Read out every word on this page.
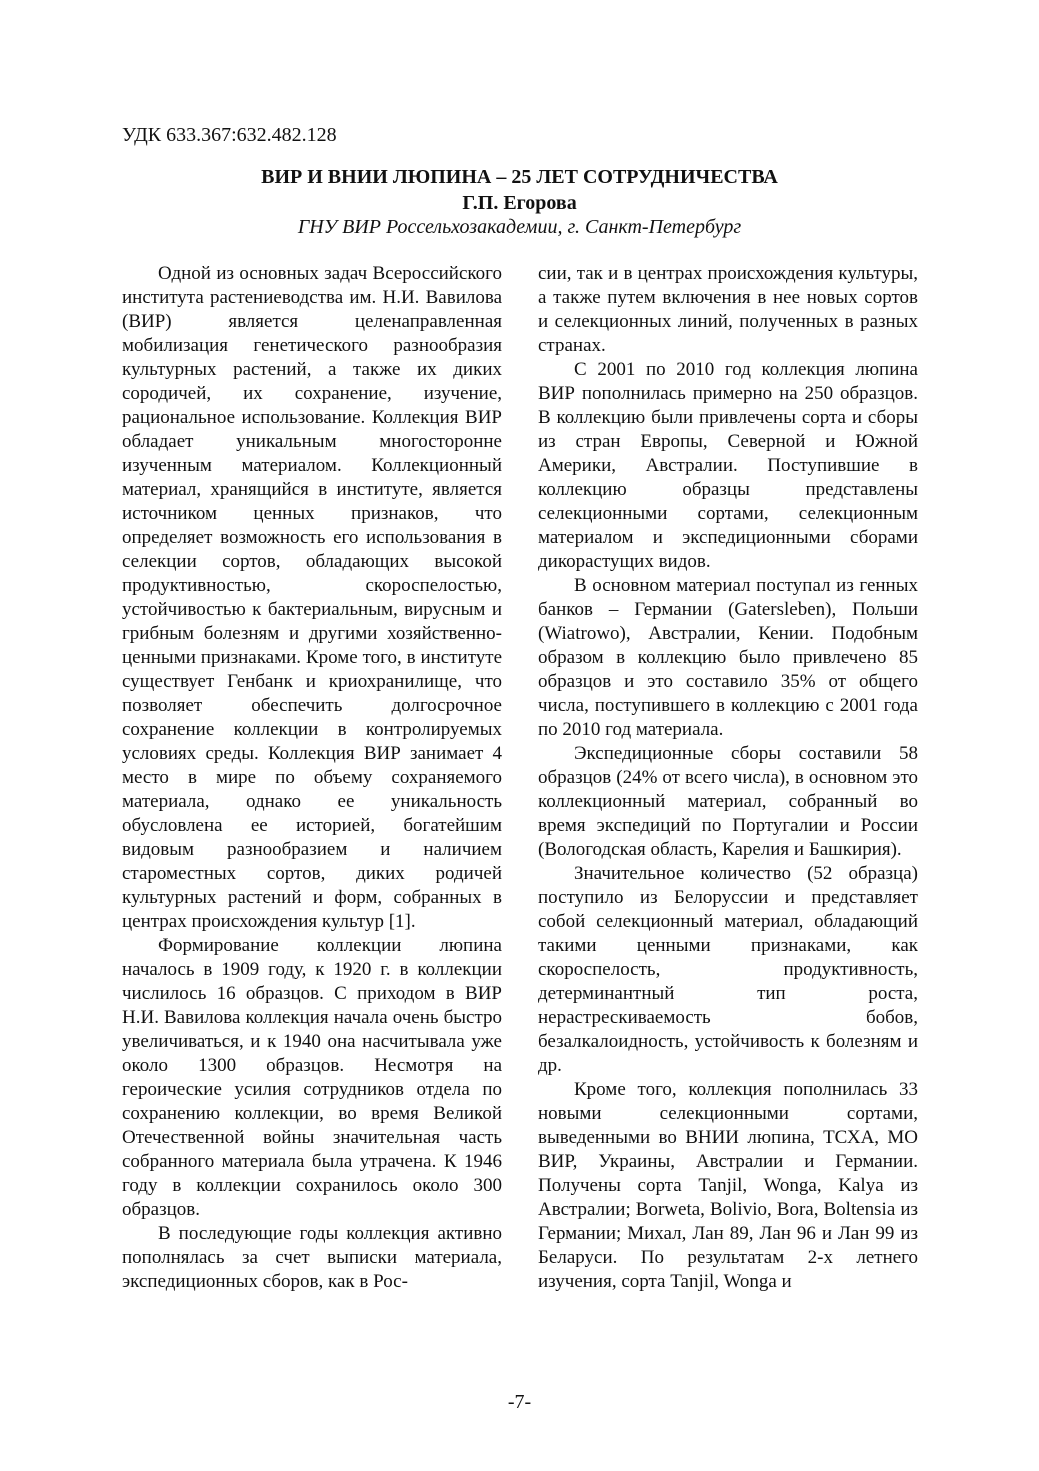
УДК 633.367:632.482.128
ВИР И ВНИИ ЛЮПИНА – 25 ЛЕТ СОТРУДНИЧЕСТВА
Г.П. Егорова
ГНУ ВИР Россельхозакадемии, г. Санкт-Петербург

Одной из основных задач Всероссийского института растениеводства им. Н.И. Вавилова (ВИР) является целенаправленная мобилизация генетического разнообразия культурных растений, а также их диких сородичей, их сохранение, изучение, рациональное использование. Коллекция ВИР обладает уникальным многосторонне изученным материалом. Коллекционный материал, хранящийся в институте, является источником ценных признаков, что определяет возможность его использования в селекции сортов, обладающих высокой продуктивностью, скороспелостью, устойчивостью к бактериальным, вирусным и грибным болезням и другими хозяйственно-ценными признаками. Кроме того, в институте существует Генбанк и криохранилище, что позволяет обеспечить долгосрочное сохранение коллекции в контролируемых условиях среды. Коллекция ВИР занимает 4 место в мире по объему сохраняемого материала, однако ее уникальность обусловлена ее историей, богатейшим видовым разнообразием и наличием староместных сортов, диких родичей культурных растений и форм, собранных в центрах происхождения культур [1].

Формирование коллекции люпина началось в 1909 году, к 1920 г. в коллекции числилось 16 образцов. С приходом в ВИР Н.И. Вавилова коллекция начала очень быстро увеличиваться, и к 1940 она насчитывала уже около 1300 образцов. Несмотря на героические усилия сотрудников отдела по сохранению коллекции, во время Великой Отечественной войны значительная часть собранного материала была утрачена. К 1946 году в коллекции сохранилось около 300 образцов.

В последующие годы коллекция активно пополнялась за счет выписки материала, экспедиционных сборов, как в Рос-

сии, так и в центрах происхождения культуры, а также путем включения в нее новых сортов и селекционных линий, полученных в разных странах.

С 2001 по 2010 год коллекция люпина ВИР пополнилась примерно на 250 образцов. В коллекцию были привлечены сорта и сборы из стран Европы, Северной и Южной Америки, Австралии. Поступившие в коллекцию образцы представлены селекционными сортами, селекционным материалом и экспедиционными сборами дикорастущих видов.

В основном материал поступал из генных банков – Германии (Gatersleben), Польши (Wiatrowo), Австралии, Кении. Подобным образом в коллекцию было привлечено 85 образцов и это составило 35% от общего числа, поступившего в коллекцию с 2001 года по 2010 год материала.

Экспедиционные сборы составили 58 образцов (24% от всего числа), в основном это коллекционный материал, собранный во время экспедиций по Португалии и России (Вологодская область, Карелия и Башкирия).

Значительное количество (52 образца) поступило из Белоруссии и представляет собой селекционный материал, обладающий такими ценными признаками, как скороспелость, продуктивность, детерминантный тип роста, нерастрескиваемость бобов, безалкалоидность, устойчивость к болезням и др.

Кроме того, коллекция пополнилась 33 новыми селекционными сортами, выведенными во ВНИИ люпина, ТСХА, МО ВИР, Украины, Австралии и Германии. Получены сорта Tanjil, Wonga, Kalya из Австралии; Borweta, Bolivio, Bora, Boltensia из Германии; Михал, Лан 89, Лан 96 и Лан 99 из Беларуси. По результатам 2-х летнего изучения, сорта Tanjil, Wonga и

-7-
